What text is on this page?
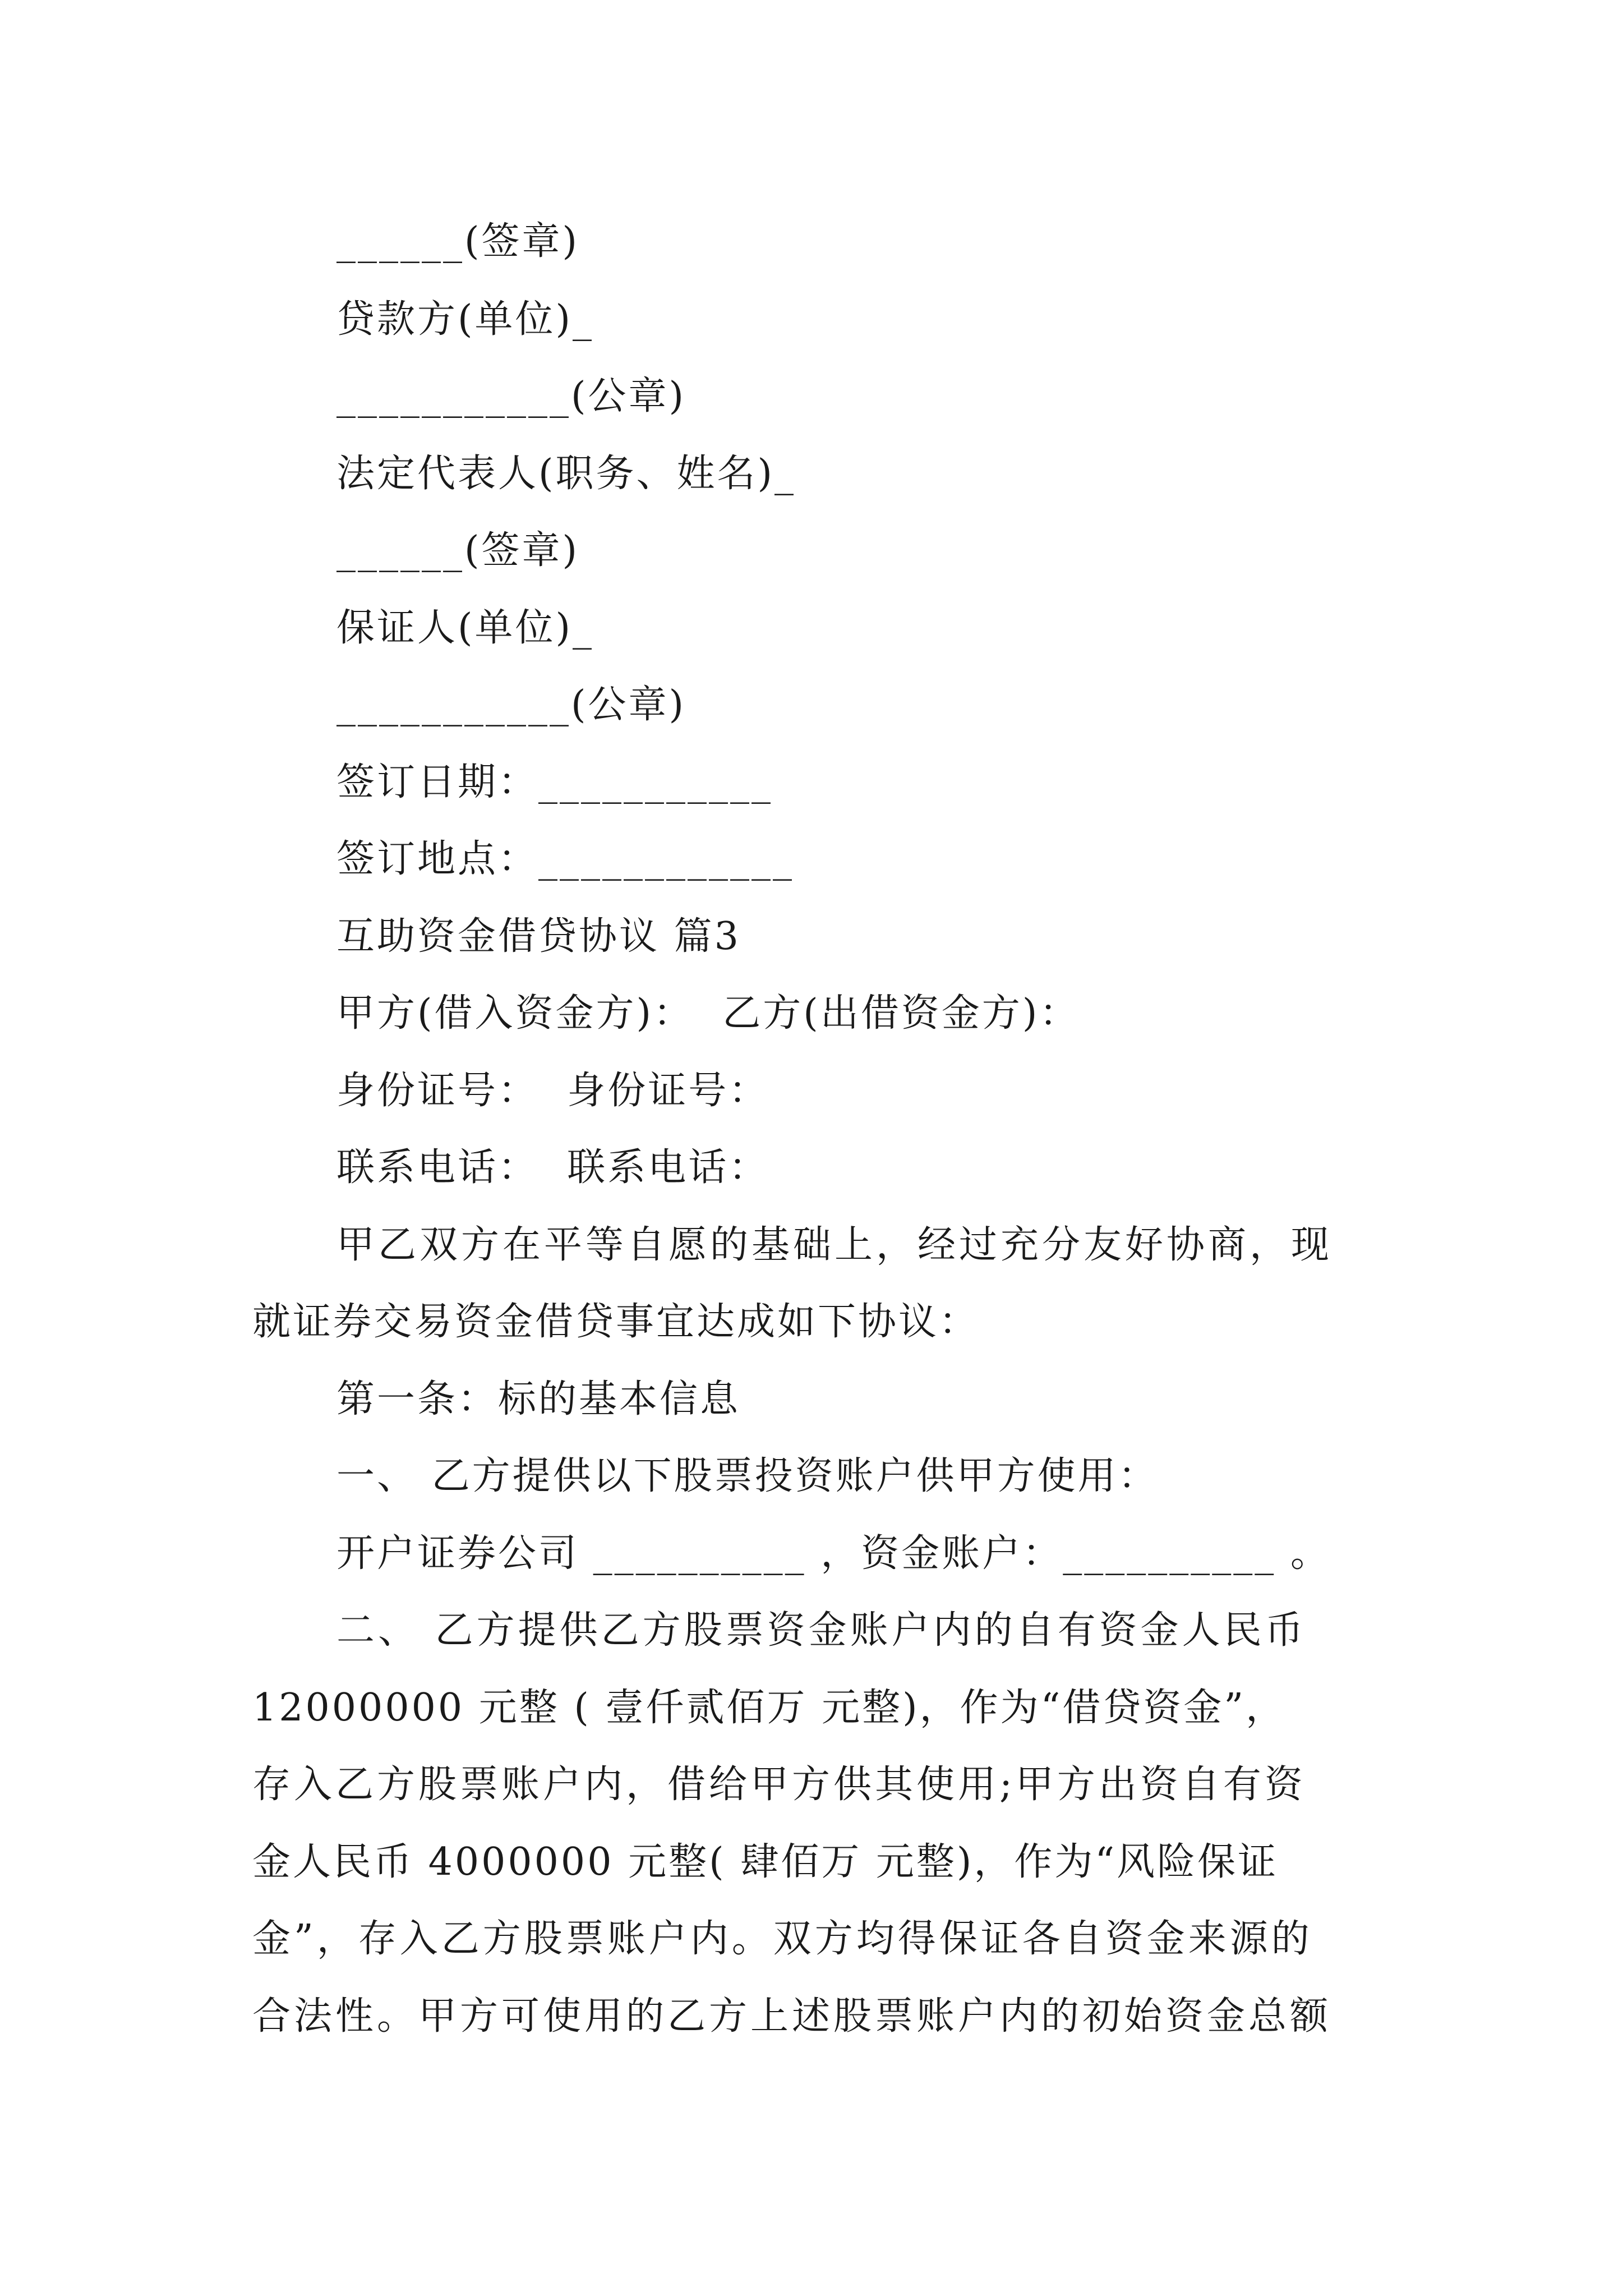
______(签章)
贷款方(单位)_
___________(公章)
法定代表人(职务、姓名)_
______(签章)
保证人(单位)_
___________(公章)
签订日期：___________
签订地点：____________
互助资金借贷协议 篇3
甲方(借入资金方)：  乙方(出借资金方)：
身份证号：  身份证号：
联系电话：  联系电话：
甲乙双方在平等自愿的基础上，经过充分友好协商，现
就证券交易资金借贷事宜达成如下协议：
第一条：标的基本信息
一、 乙方提供以下股票投资账户供甲方使用：
开户证券公司 __________ ，资金账户：__________ 。
二、 乙方提供乙方股票资金账户内的自有资金人民币
12000000 元整 ( 壹仟贰佰万 元整)，作为“借贷资金”，
存入乙方股票账户内，借给甲方供其使用;甲方出资自有资
金人民币 4000000 元整( 肆佰万 元整)，作为“风险保证
金”，存入乙方股票账户内。双方均得保证各自资金来源的
合法性。甲方可使用的乙方上述股票账户内的初始资金总额
